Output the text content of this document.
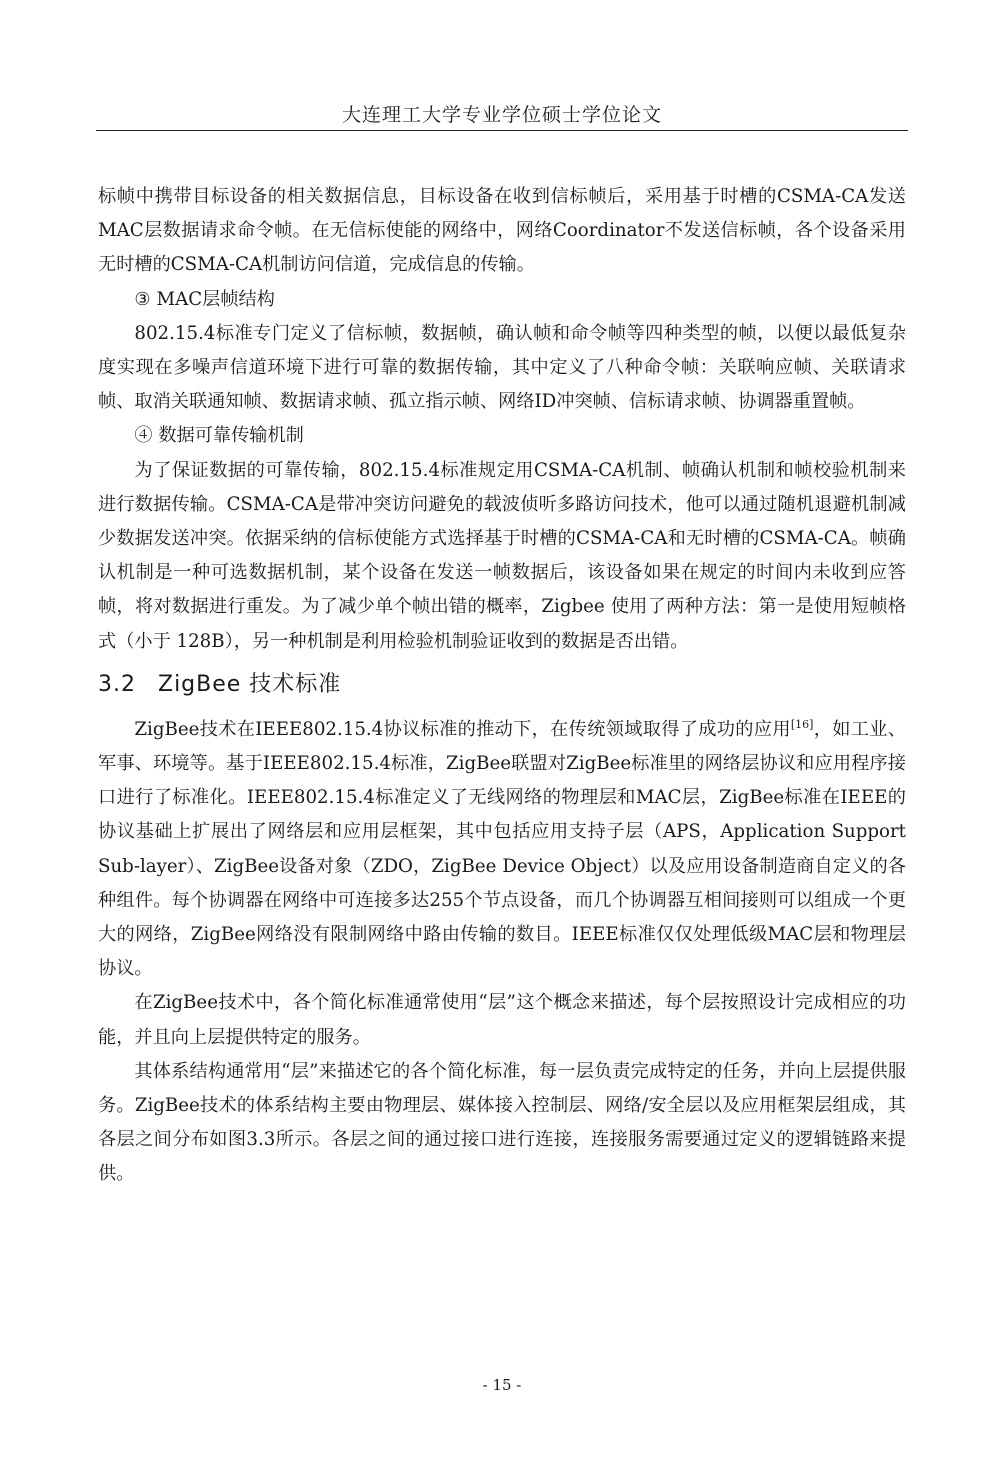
大连理工大学专业学位硕士学位论文

标帧中携带目标设备的相关数据信息，目标设备在收到信标帧后，采用基于时槽的CSMA-CA发送MAC层数据请求命令帧。在无信标使能的网络中，网络Coordinator不发送信标帧，各个设备采用无时槽的CSMA-CA机制访问信道，完成信息的传输。

③ MAC层帧结构

802.15.4标准专门定义了信标帧，数据帧，确认帧和命令帧等四种类型的帧，以便以最低复杂度实现在多噪声信道环境下进行可靠的数据传输，其中定义了八种命令帧：关联响应帧、关联请求帧、取消关联通知帧、数据请求帧、孤立指示帧、网络ID冲突帧、信标请求帧、协调器重置帧。

④ 数据可靠传输机制

为了保证数据的可靠传输，802.15.4标准规定用CSMA-CA机制、帧确认机制和帧校验机制来进行数据传输。CSMA-CA是带冲突访问避免的载波侦听多路访问技术，他可以通过随机退避机制减少数据发送冲突。依据采纳的信标使能方式选择基于时槽的CSMA-CA和无时槽的CSMA-CA。帧确认机制是一种可选数据机制，某个设备在发送一帧数据后，该设备如果在规定的时间内未收到应答帧，将对数据进行重发。为了减少单个帧出错的概率，Zigbee 使用了两种方法：第一是使用短帧格式（小于 128B），另一种机制是利用检验机制验证收到的数据是否出错。

3.2 ZigBee 技术标准

ZigBee技术在IEEE802.15.4协议标准的推动下，在传统领域取得了成功的应用[16]，如工业、军事、环境等。基于IEEE802.15.4标准，ZigBee联盟对ZigBee标准里的网络层协议和应用程序接口进行了标准化。IEEE802.15.4标准定义了无线网络的物理层和MAC层，ZigBee标准在IEEE的协议基础上扩展出了网络层和应用层框架，其中包括应用支持子层（APS，Application Support Sub-layer）、ZigBee设备对象（ZDO，ZigBee Device Object）以及应用设备制造商自定义的各种组件。每个协调器在网络中可连接多达255个节点设备，而几个协调器互相间接则可以组成一个更大的网络，ZigBee网络没有限制网络中路由传输的数目。IEEE标准仅仅处理低级MAC层和物理层协议。

在ZigBee技术中，各个简化标准通常使用“层”这个概念来描述，每个层按照设计完成相应的功能，并且向上层提供特定的服务。

其体系结构通常用“层”来描述它的各个简化标准，每一层负责完成特定的任务，并向上层提供服务。ZigBee技术的体系结构主要由物理层、媒体接入控制层、网络/安全层以及应用框架层组成，其各层之间分布如图3.3所示。各层之间的通过接口进行连接，连接服务需要通过定义的逻辑链路来提供。

- 15 -
